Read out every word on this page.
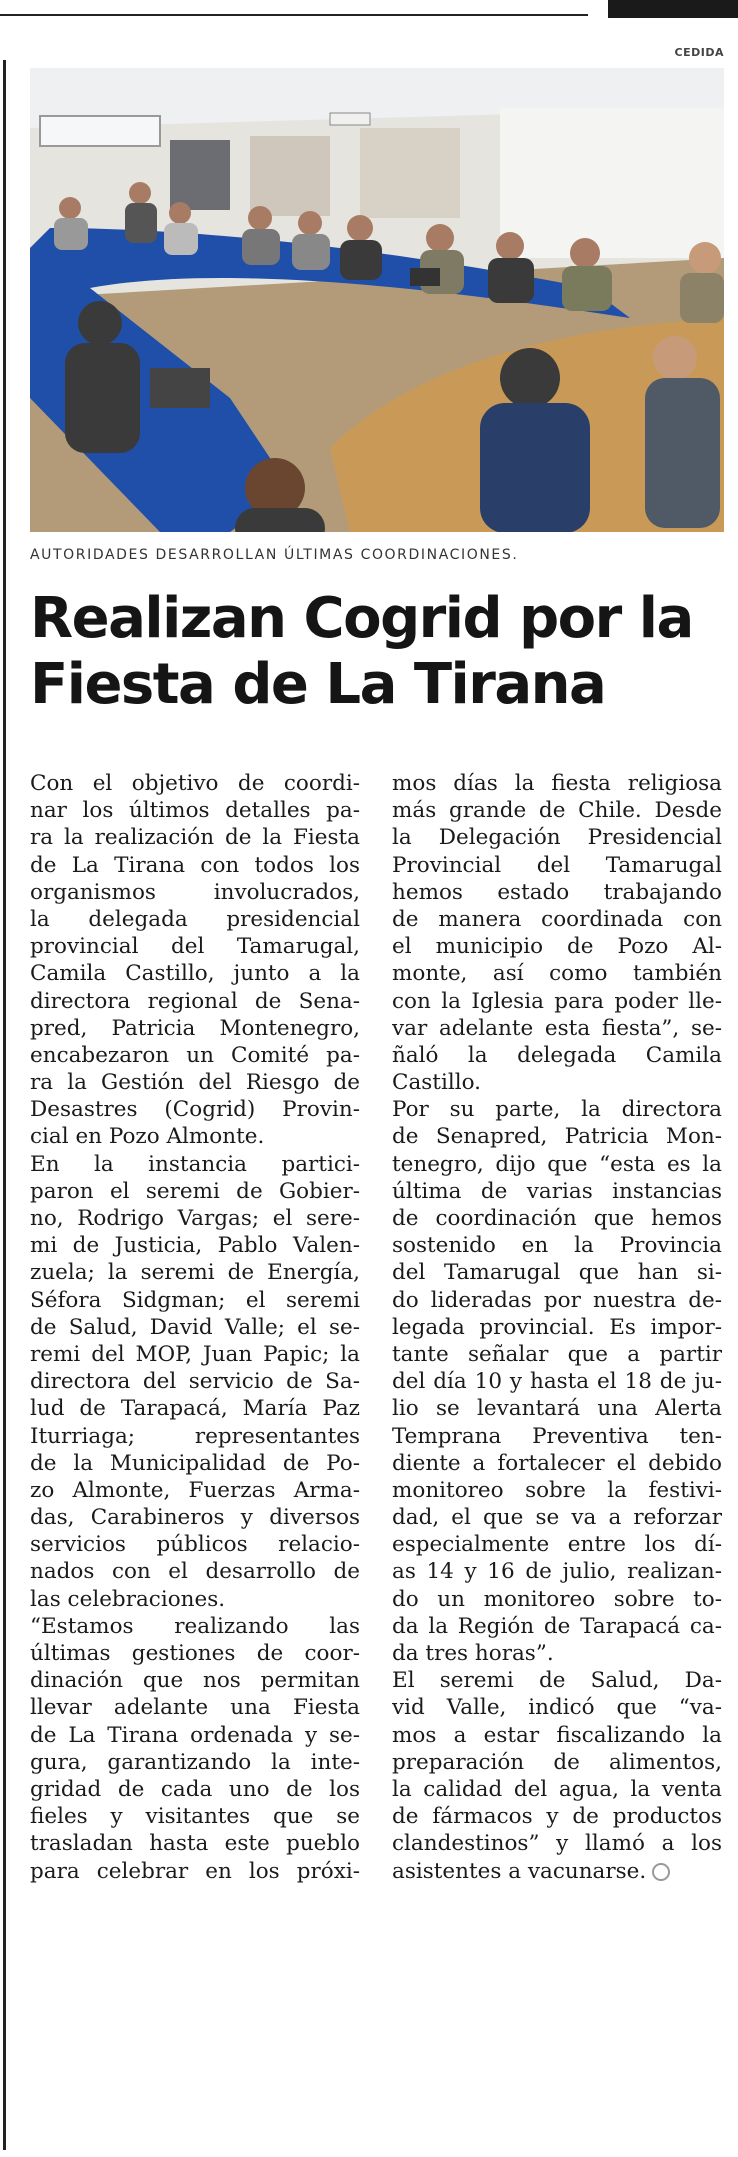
CEDIDA
AUTORIDADES DESARROLLAN ÚLTIMAS COORDINACIONES.
Realizan Cogrid por la
Fiesta de La Tirana

Con el objetivo de coordi-
nar los últimos detalles pa-
ra la realización de la Fiesta
de La Tirana con todos los
organismos involucrados,
la delegada presidencial
provincial del Tamarugal,
Camila Castillo, junto a la
directora regional de Sena-
pred, Patricia Montenegro,
encabezaron un Comité pa-
ra la Gestión del Riesgo de
Desastres (Cogrid) Provin-
cial en Pozo Almonte.

En la instancia partici-
paron el seremi de Gobier-
no, Rodrigo Vargas; el sere-
mi de Justicia, Pablo Valen-
zuela; la seremi de Energía,
Séfora Sidgman; el seremi
de Salud, David Valle; el se-
remi del MOP, Juan Papic; la
directora del servicio de Sa-
lud de Tarapacá, María Paz
Iturriaga; representantes
de la Municipalidad de Po-
zo Almonte, Fuerzas Arma-
das, Carabineros y diversos
servicios públicos relacio-
nados con el desarrollo de
las celebraciones.

“Estamos realizando las
últimas gestiones de coor-
dinación que nos permitan
llevar adelante una Fiesta
de La Tirana ordenada y se-
gura, garantizando la inte-
gridad de cada uno de los
fieles y visitantes que se
trasladan hasta este pueblo
para celebrar en los próxi-

mos días la fiesta religiosa
más grande de Chile. Desde
la Delegación Presidencial
Provincial del Tamarugal
hemos estado trabajando
de manera coordinada con
el municipio de Pozo Al-
monte, así como también
con la Iglesia para poder lle-
var adelante esta fiesta”, se-
ñaló la delegada Camila
Castillo.

Por su parte, la directora
de Senapred, Patricia Mon-
tenegro, dijo que “esta es la
última de varias instancias
de coordinación que hemos
sostenido en la Provincia
del Tamarugal que han si-
do lideradas por nuestra de-
legada provincial. Es impor-
tante señalar que a partir
del día 10 y hasta el 18 de ju-
lio se levantará una Alerta
Temprana Preventiva ten-
diente a fortalecer el debido
monitoreo sobre la festivi-
dad, el que se va a reforzar
especialmente entre los dí-
as 14 y 16 de julio, realizan-
do un monitoreo sobre to-
da la Región de Tarapacá ca-
da tres horas”.

El seremi de Salud, Da-
vid Valle, indicó que “va-
mos a estar fiscalizando la
preparación de alimentos,
la calidad del agua, la venta
de fármacos y de productos
clandestinos” y llamó a los
asistentes a vacunarse.
